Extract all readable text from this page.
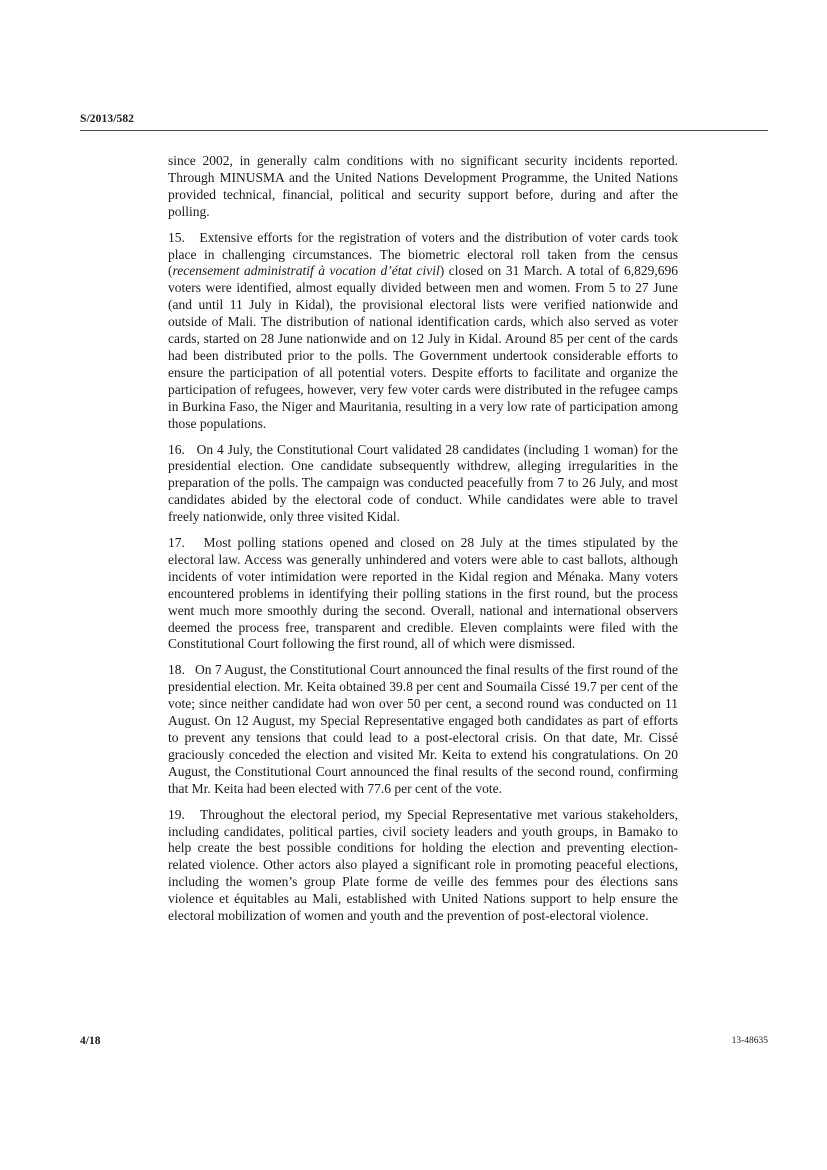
S/2013/582

since 2002, in generally calm conditions with no significant security incidents reported. Through MINUSMA and the United Nations Development Programme, the United Nations provided technical, financial, political and security support before, during and after the polling.

15. Extensive efforts for the registration of voters and the distribution of voter cards took place in challenging circumstances. The biometric electoral roll taken from the census (recensement administratif à vocation d’état civil) closed on 31 March. A total of 6,829,696 voters were identified, almost equally divided between men and women. From 5 to 27 June (and until 11 July in Kidal), the provisional electoral lists were verified nationwide and outside of Mali. The distribution of national identification cards, which also served as voter cards, started on 28 June nationwide and on 12 July in Kidal. Around 85 per cent of the cards had been distributed prior to the polls. The Government undertook considerable efforts to ensure the participation of all potential voters. Despite efforts to facilitate and organize the participation of refugees, however, very few voter cards were distributed in the refugee camps in Burkina Faso, the Niger and Mauritania, resulting in a very low rate of participation among those populations.

16. On 4 July, the Constitutional Court validated 28 candidates (including 1 woman) for the presidential election. One candidate subsequently withdrew, alleging irregularities in the preparation of the polls. The campaign was conducted peacefully from 7 to 26 July, and most candidates abided by the electoral code of conduct. While candidates were able to travel freely nationwide, only three visited Kidal.

17. Most polling stations opened and closed on 28 July at the times stipulated by the electoral law. Access was generally unhindered and voters were able to cast ballots, although incidents of voter intimidation were reported in the Kidal region and Ménaka. Many voters encountered problems in identifying their polling stations in the first round, but the process went much more smoothly during the second. Overall, national and international observers deemed the process free, transparent and credible. Eleven complaints were filed with the Constitutional Court following the first round, all of which were dismissed.

18. On 7 August, the Constitutional Court announced the final results of the first round of the presidential election. Mr. Keita obtained 39.8 per cent and Soumaila Cissé 19.7 per cent of the vote; since neither candidate had won over 50 per cent, a second round was conducted on 11 August. On 12 August, my Special Representative engaged both candidates as part of efforts to prevent any tensions that could lead to a post-electoral crisis. On that date, Mr. Cissé graciously conceded the election and visited Mr. Keita to extend his congratulations. On 20 August, the Constitutional Court announced the final results of the second round, confirming that Mr. Keita had been elected with 77.6 per cent of the vote.

19. Throughout the electoral period, my Special Representative met various stakeholders, including candidates, political parties, civil society leaders and youth groups, in Bamako to help create the best possible conditions for holding the election and preventing election-related violence. Other actors also played a significant role in promoting peaceful elections, including the women’s group Plate forme de veille des femmes pour des élections sans violence et équitables au Mali, established with United Nations support to help ensure the electoral mobilization of women and youth and the prevention of post-electoral violence.

4/18	13-48635
